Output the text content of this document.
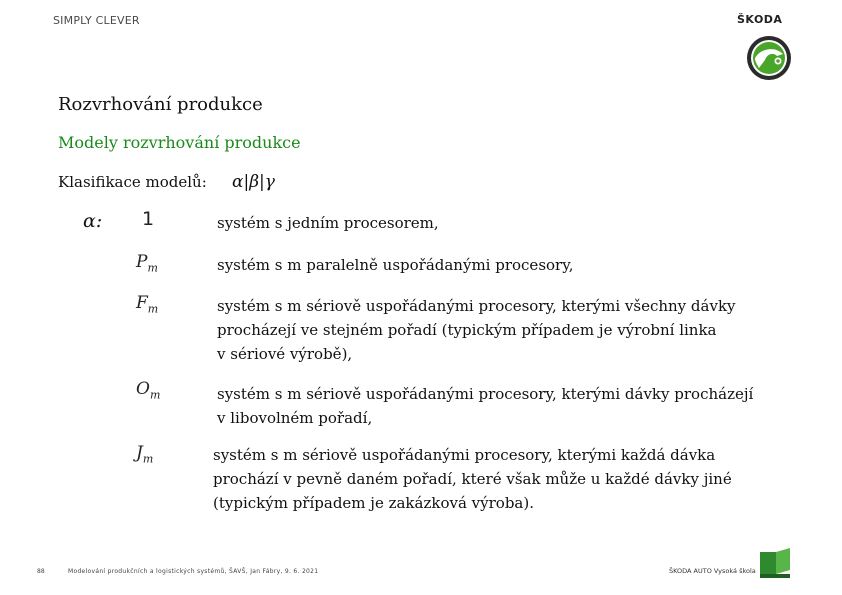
SIMPLY CLEVER	ŠKODA
Rozvrhování produkce
Modely rozvrhování produkce
Klasifikace modelů: α|β|γ
α: 1	systém s jedním procesorem,
$P_m$	systém s m paralelně uspořádanými procesory,
$F_m$	systém s m sériově uspořádanými procesory, kterými všechny dávky
procházejí ve stejném pořadí (typickým případem je výrobní linka
v sériové výrobě),
$O_m$	systém s m sériově uspořádanými procesory, kterými dávky procházejí
v libovolném pořadí,
$J_m$	systém s m sériově uspořádanými procesory, kterými každá dávka
prochází v pevně daném pořadí, které však může u každé dávky jiné
(typickým případem je zakázková výroba).
88	Modelování produkčních a logistických systémů, ŠAVŠ, Jan Fábry, 9. 6. 2021	ŠKODA AUTO Vysoká škola
